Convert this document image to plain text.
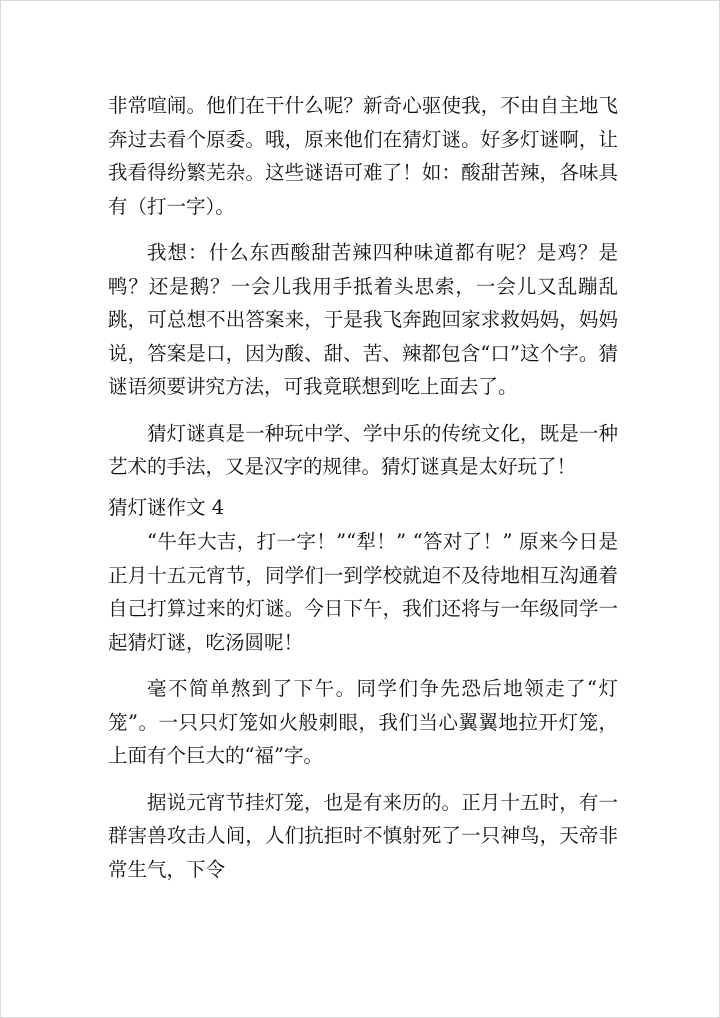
非常喧闹。他们在干什么呢？新奇心驱使我，不由自主地飞奔过去看个原委。哦，原来他们在猜灯谜。好多灯谜啊，让我看得纷繁芜杂。这些谜语可难了！如：酸甜苦辣，各味具有（打一字）。

我想：什么东西酸甜苦辣四种味道都有呢？是鸡？是鸭？还是鹅？一会儿我用手抵着头思索，一会儿又乱蹦乱跳，可总想不出答案来，于是我飞奔跑回家求救妈妈，妈妈说，答案是口，因为酸、甜、苦、辣都包含“口”这个字。猜谜语须要讲究方法，可我竟联想到吃上面去了。

猜灯谜真是一种玩中学、学中乐的传统文化，既是一种艺术的手法，又是汉字的规律。猜灯谜真是太好玩了！

猜灯谜作文 4

“牛年大吉，打一字！”“犁！” “答对了！” 原来今日是正月十五元宵节，同学们一到学校就迫不及待地相互沟通着自己打算过来的灯谜。今日下午，我们还将与一年级同学一起猜灯谜，吃汤圆呢！

毫不简单熬到了下午。同学们争先恐后地领走了“灯笼”。一只只灯笼如火般刺眼，我们当心翼翼地拉开灯笼，上面有个巨大的“福”字。

据说元宵节挂灯笼，也是有来历的。正月十五时，有一群害兽攻击人间，人们抗拒时不慎射死了一只神鸟，天帝非常生气，下令
